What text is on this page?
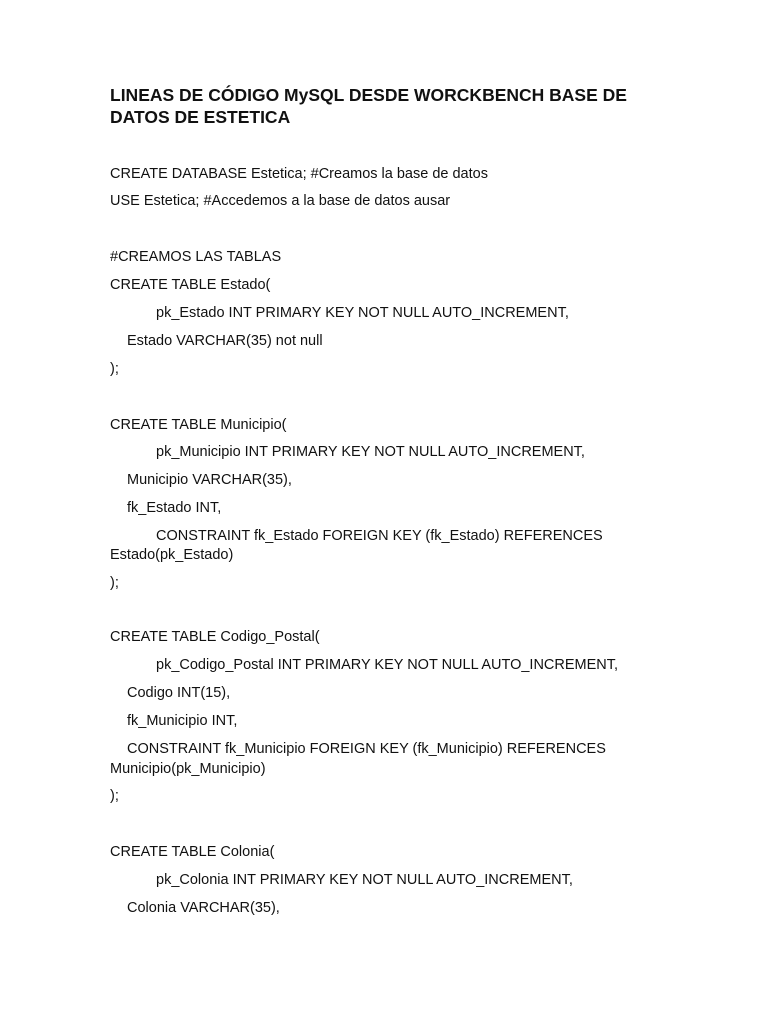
LINEAS DE CÓDIGO MySQL DESDE WORCKBENCH BASE DE DATOS DE ESTETICA
CREATE DATABASE Estetica; #Creamos la base de datos
USE Estetica; #Accedemos a la base de datos ausar
#CREAMOS LAS TABLAS
CREATE TABLE Estado(
pk_Estado INT PRIMARY KEY NOT NULL AUTO_INCREMENT,
Estado VARCHAR(35) not null
);
CREATE TABLE Municipio(
pk_Municipio INT PRIMARY KEY NOT NULL AUTO_INCREMENT,
Municipio VARCHAR(35),
fk_Estado INT,
CONSTRAINT fk_Estado FOREIGN KEY (fk_Estado) REFERENCES
Estado(pk_Estado)
);
CREATE TABLE Codigo_Postal(
pk_Codigo_Postal INT PRIMARY KEY NOT NULL AUTO_INCREMENT,
Codigo INT(15),
fk_Municipio INT,
CONSTRAINT fk_Municipio FOREIGN KEY (fk_Municipio) REFERENCES
Municipio(pk_Municipio)
);
CREATE TABLE Colonia(
pk_Colonia INT PRIMARY KEY NOT NULL AUTO_INCREMENT,
Colonia VARCHAR(35),
